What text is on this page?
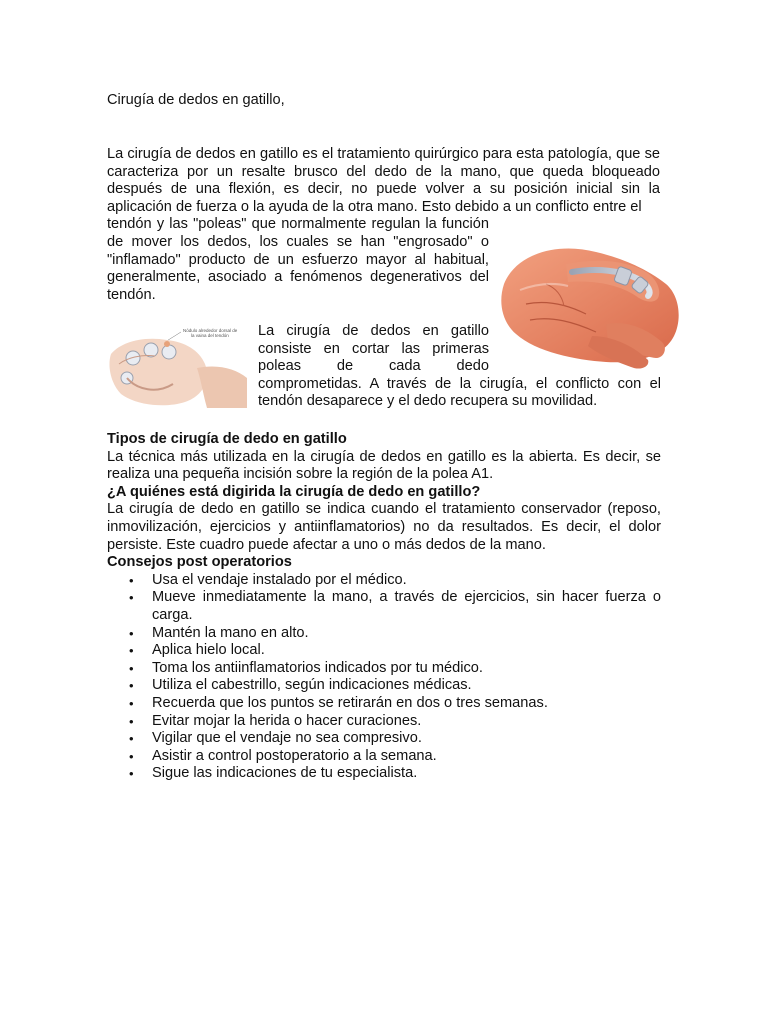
Cirugía de dedos en gatillo,
La cirugía de dedos en gatillo es el tratamiento quirúrgico para esta patología, que se caracteriza por un resalte brusco del dedo de la mano, que queda bloqueado después de una flexión, es decir, no puede volver a su posición inicial sin la aplicación de fuerza o la ayuda de la otra mano. Esto debido a un conflicto entre el
tendón y las "poleas" que normalmente regulan la función de mover los dedos, los cuales se han "engrosado" o "inflamado" producto de un esfuerzo mayor al habitual, generalmente, asociado a fenómenos degenerativos del tendón.
Nódulo alrededor dorsal de
la vaina del tendón La cirugía de dedos en gatillo
consiste en cortar las primeras
poleas de cada dedo
comprometidas. A través de la cirugía, el conflicto con el tendón desaparece y el dedo recupera su movilidad.
Tipos de cirugía de dedo en gatillo
La técnica más utilizada en la cirugía de dedos en gatillo es la abierta. Es decir, se realiza una pequeña incisión sobre la región de la polea A1.
¿A quiénes está digirida la cirugía de dedo en gatillo?
La cirugía de dedo en gatillo se indica cuando el tratamiento conservador (reposo, inmovilización, ejercicios y antiinflamatorios) no da resultados. Es decir, el dolor persiste. Este cuadro puede afectar a uno o más dedos de la mano.
Consejos post operatorios
• Usa el vendaje instalado por el médico.
• Mueve inmediatamente la mano, a través de ejercicios, sin hacer fuerza o carga.
• Mantén la mano en alto.
• Aplica hielo local.
• Toma los antiinflamatorios indicados por tu médico.
• Utiliza el cabestrillo, según indicaciones médicas.
• Recuerda que los puntos se retirarán en dos o tres semanas.
• Evitar mojar la herida o hacer curaciones.
• Vigilar que el vendaje no sea compresivo.
• Asistir a control postoperatorio a la semana.
• Sigue las indicaciones de tu especialista.
